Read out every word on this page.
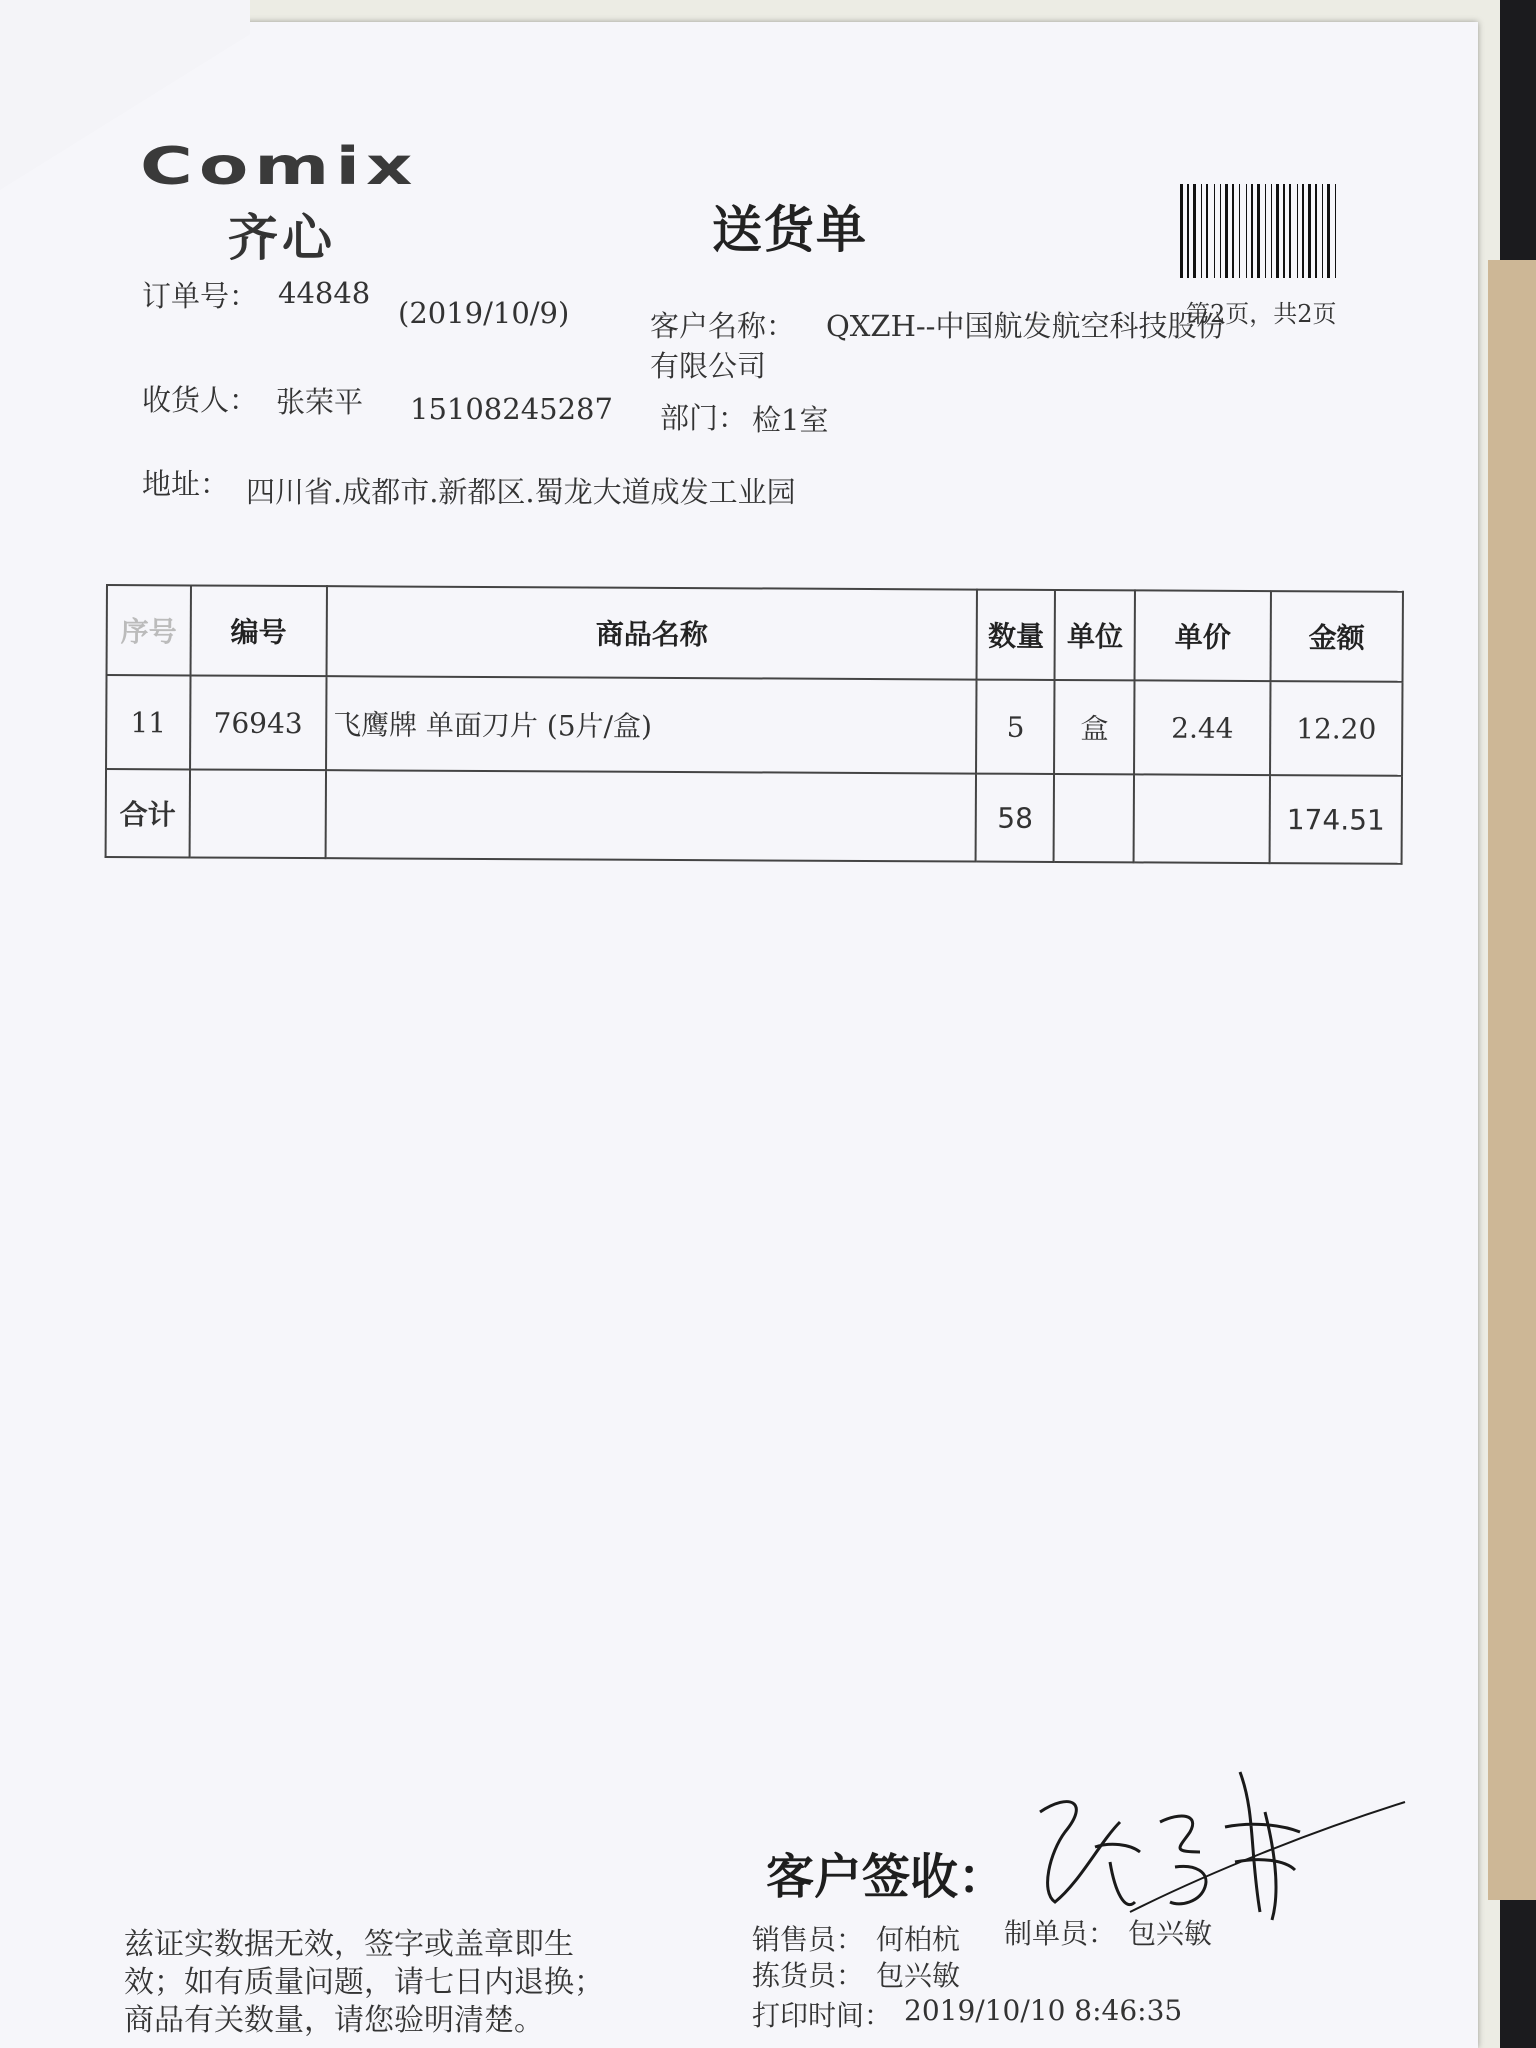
Comix
齐心	送货单
第2页，共2页
订单号： 44848
(2019/10/9)	客户名称： QXZH--中国航发航空科技股份
有限公司
收货人： 张荣平 15108245287 部门： 检1室
地址： 四川省.成都市.新都区.蜀龙大道成发工业园
序号	编号	商品名称	数量	单位	单价	金额
11	76943	飞鹰牌 单面刀片 (5片/盒)	5	盒	2.44	12.20
合计			58			174.51
客户签收：
兹证实数据无效，签字或盖章即生
效；如有质量问题，请七日内退换；
商品有关数量，请您验明清楚。
销售员： 何柏杭 制单员： 包兴敏
拣货员： 包兴敏
打印时间： 2019/10/10 8:46:35
